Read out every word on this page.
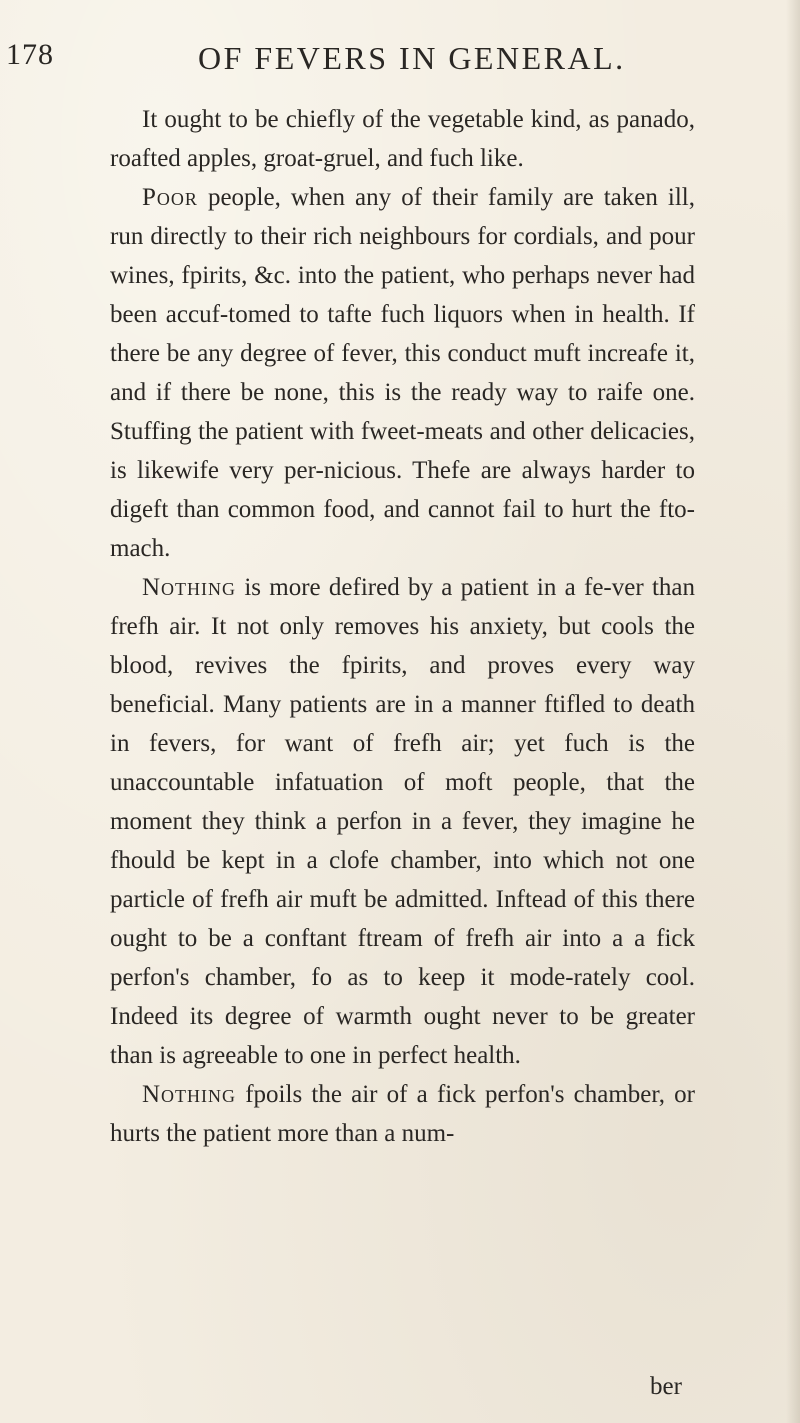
178	OF FEVERS IN GENERAL.

It ought to be chiefly of the vegetable kind, as panado, roafted apples, groat-gruel, and fuch like.

Poor people, when any of their family are taken ill, run directly to their rich neighbours for cordials, and pour wines, fpirits, &c. into the patient, who perhaps never had been accuf-tomed to tafte fuch liquors when in health. If there be any degree of fever, this conduct muft increafe it, and if there be none, this is the ready way to raife one. Stuffing the patient with fweet-meats and other delicacies, is likewife very per-nicious. Thefe are always harder to digeft than common food, and cannot fail to hurt the fto-mach.

Nothing is more defired by a patient in a fe-ver than frefh air. It not only removes his anxiety, but cools the blood, revives the fpirits, and proves every way beneficial. Many patients are in a manner ftifled to death in fevers, for want of frefh air; yet fuch is the unaccountable infatuation of moft people, that the moment they think a perfon in a fever, they imagine he fhould be kept in a clofe chamber, into which not one particle of frefh air muft be admitted. Inftead of this there ought to be a conftant ftream of frefh air into a a fick perfon's chamber, fo as to keep it mode-rately cool. Indeed its degree of warmth ought never to be greater than is agreeable to one in perfect health.

Nothing fpoils the air of a fick perfon's chamber, or hurts the patient more than a num-

ber
